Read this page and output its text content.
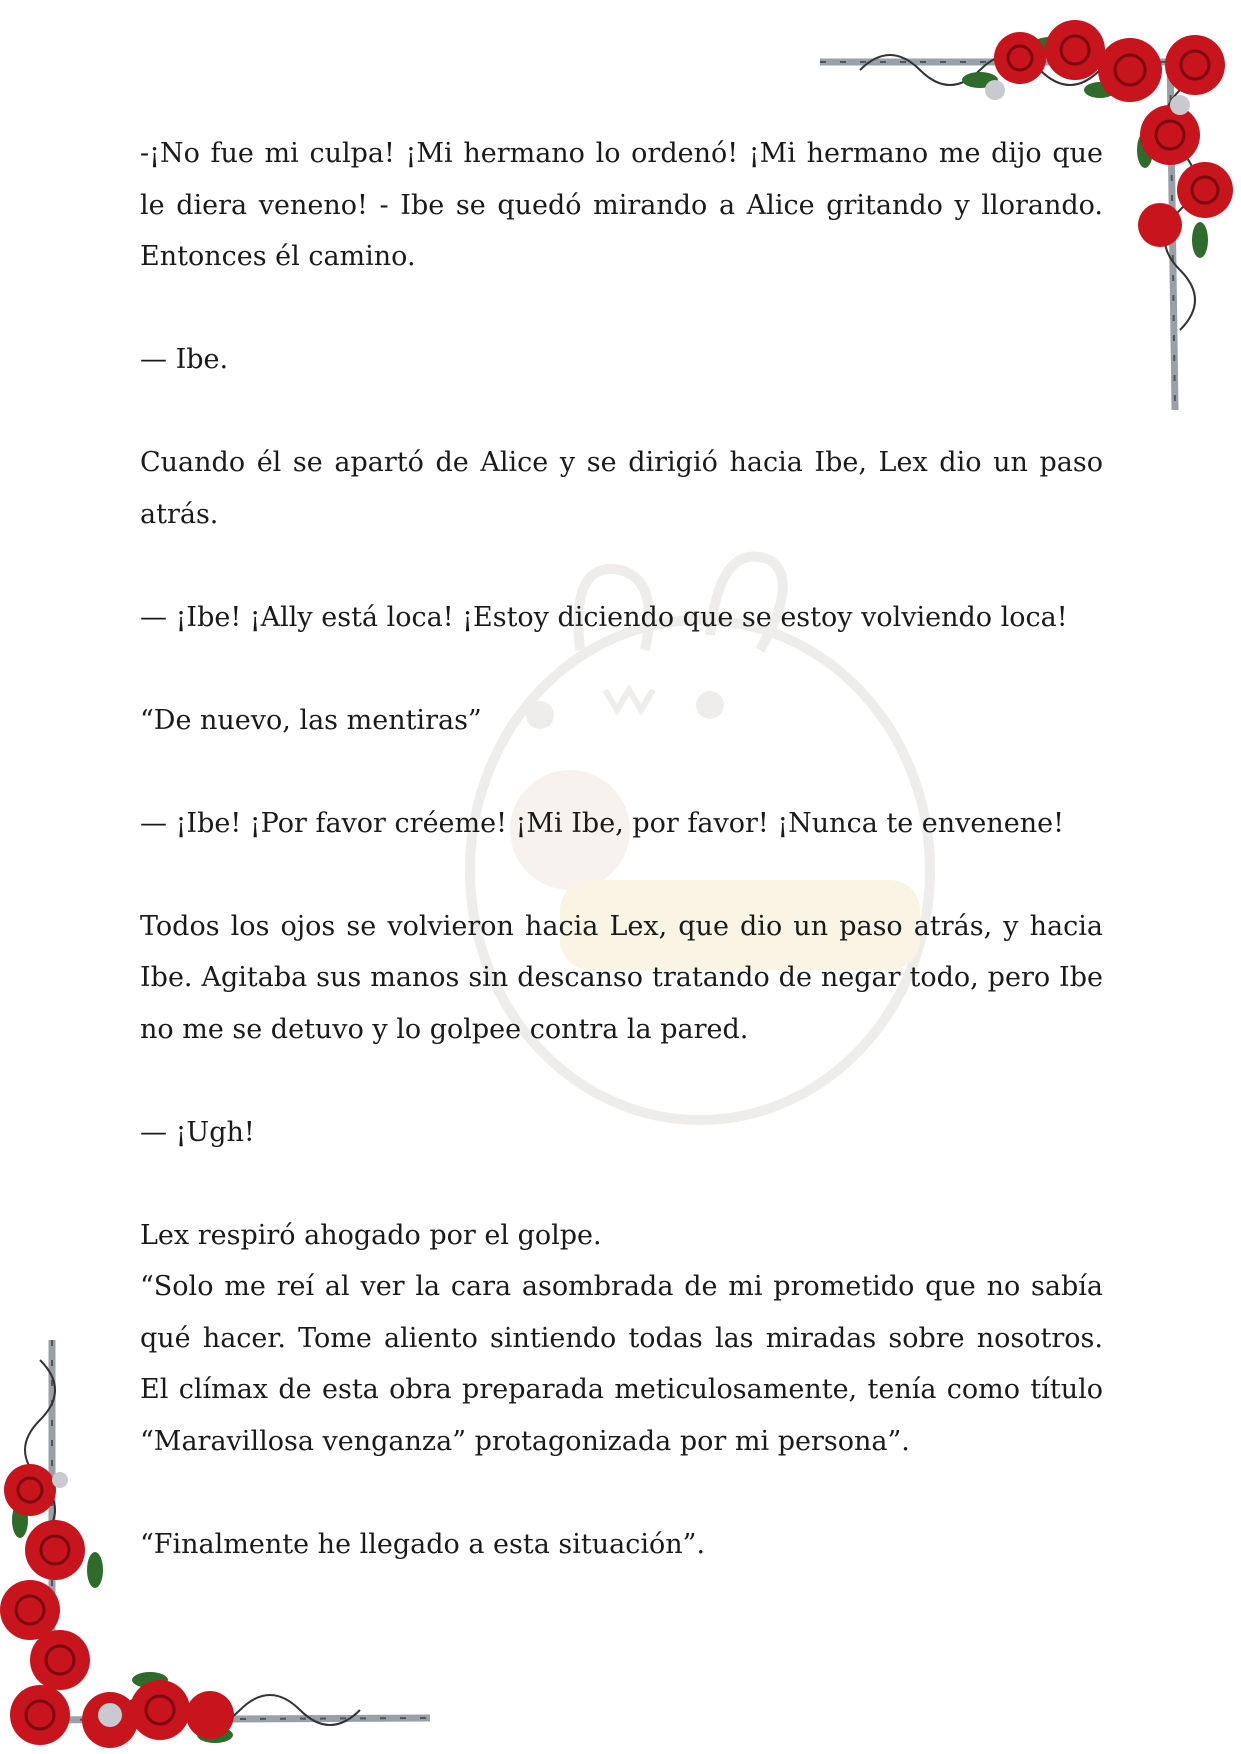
-¡No fue mi culpa! ¡Mi hermano lo ordenó! ¡Mi hermano me dijo que le diera veneno! - Ibe se quedó mirando a Alice gritando y llorando. Entonces él camino.

— Ibe.

Cuando él se apartó de Alice y se dirigió hacia Ibe, Lex dio un paso atrás.

— ¡Ibe! ¡Ally está loca! ¡Estoy diciendo que se estoy volviendo loca!

“De nuevo, las mentiras”

— ¡Ibe! ¡Por favor créeme! ¡Mi Ibe, por favor! ¡Nunca te envenene!

Todos los ojos se volvieron hacia Lex, que dio un paso atrás, y hacia Ibe. Agitaba sus manos sin descanso tratando de negar todo, pero Ibe no me se detuvo y lo golpee contra la pared.

— ¡Ugh!

Lex respiró ahogado por el golpe.

“Solo me reí al ver la cara asombrada de mi prometido que no sabía qué hacer. Tome aliento sintiendo todas las miradas sobre nosotros. El clímax de esta obra preparada meticulosamente, tenía como título “Maravillosa venganza” protagonizada por mi persona”.

“Finalmente he llegado a esta situación”.
